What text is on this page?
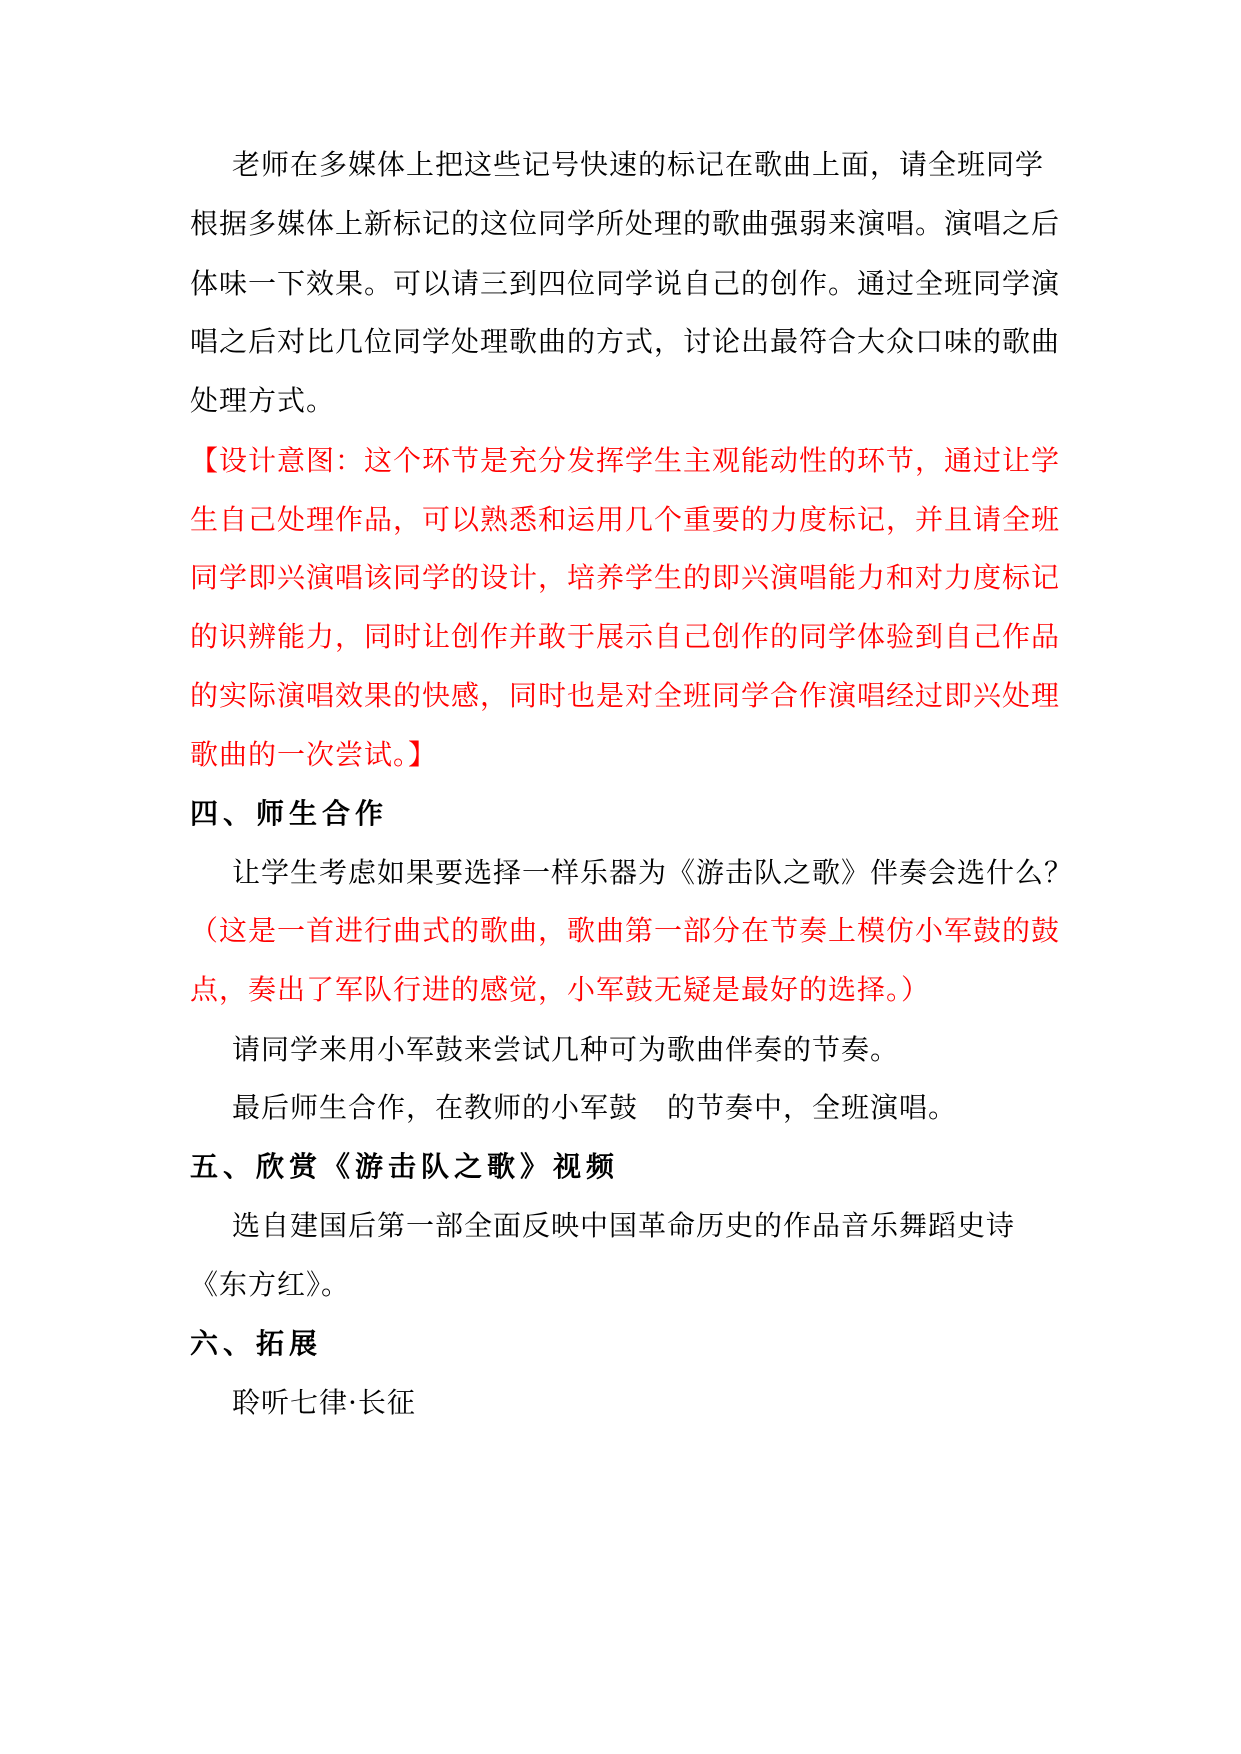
老师在多媒体上把这些记号快速的标记在歌曲上面，请全班同学
根据多媒体上新标记的这位同学所处理的歌曲强弱来演唱。演唱之后
体味一下效果。可以请三到四位同学说自己的创作。通过全班同学演
唱之后对比几位同学处理歌曲的方式，讨论出最符合大众口味的歌曲
处理方式。
【设计意图：这个环节是充分发挥学生主观能动性的环节，通过让学
生自己处理作品，可以熟悉和运用几个重要的力度标记，并且请全班
同学即兴演唱该同学的设计，培养学生的即兴演唱能力和对力度标记
的识辨能力，同时让创作并敢于展示自己创作的同学体验到自己作品
的实际演唱效果的快感，同时也是对全班同学合作演唱经过即兴处理
歌曲的一次尝试。】
四、师生合作
让学生考虑如果要选择一样乐器为《游击队之歌》伴奏会选什么？
（这是一首进行曲式的歌曲，歌曲第一部分在节奏上模仿小军鼓的鼓
点，奏出了军队行进的感觉，小军鼓无疑是最好的选择。）
请同学来用小军鼓来尝试几种可为歌曲伴奏的节奏。
最后师生合作，在教师的小军鼓　的节奏中，全班演唱。
五、欣赏《游击队之歌》视频
选自建国后第一部全面反映中国革命历史的作品音乐舞蹈史诗
《东方红》。
六、拓展
聆听七律·长征
